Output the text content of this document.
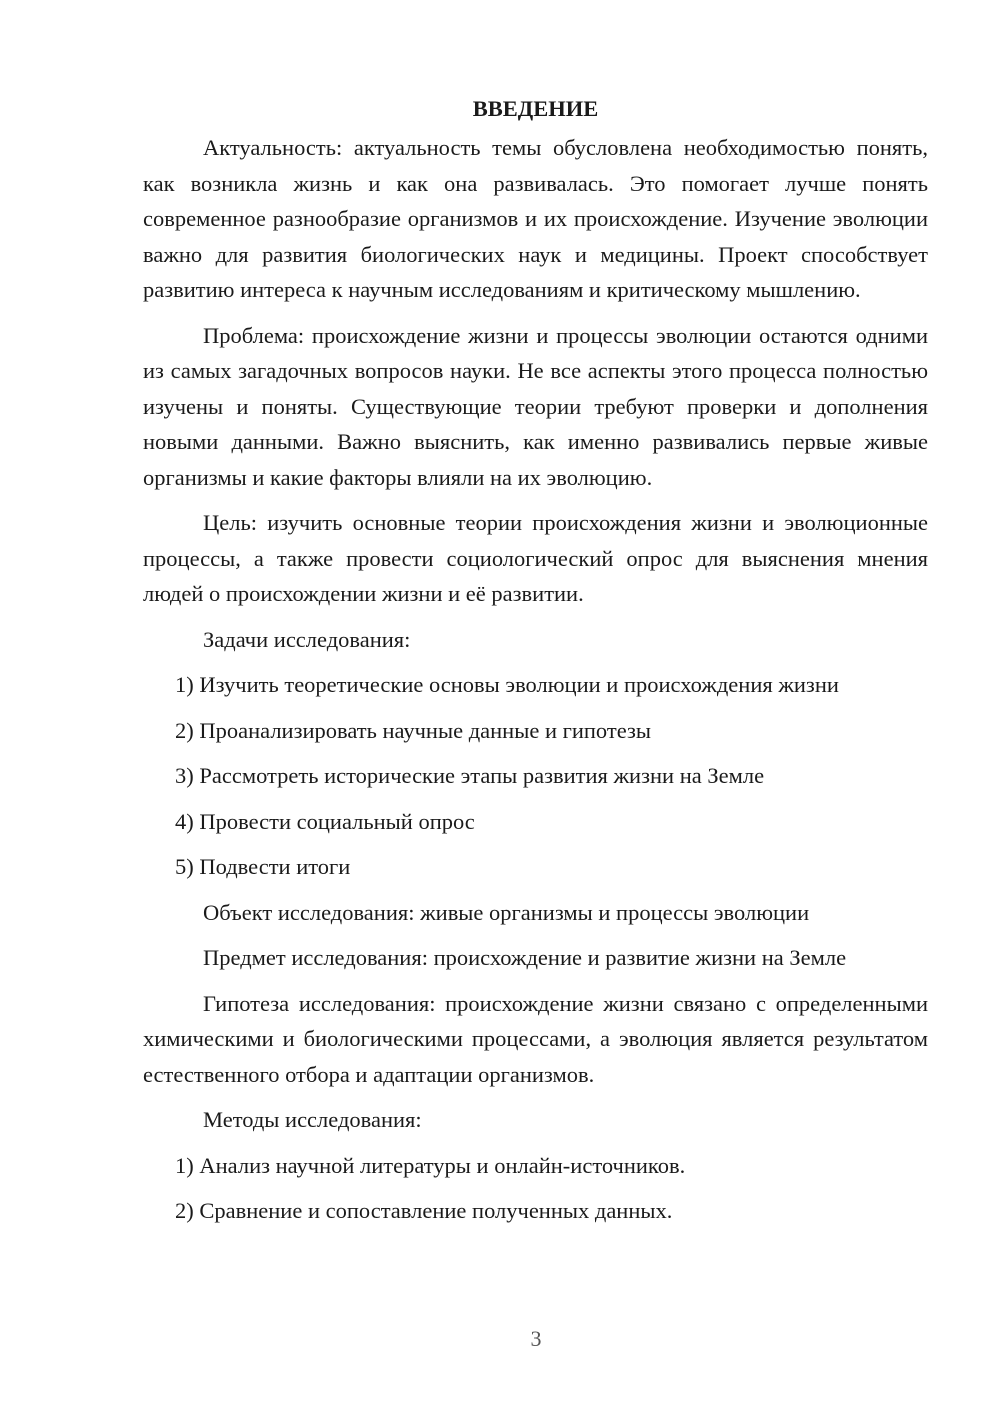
ВВЕДЕНИЕ

Актуальность: актуальность темы обусловлена необходимостью понять, как возникла жизнь и как она развивалась. Это помогает лучше понять современное разнообразие организмов и их происхождение. Изучение эволюции важно для развития биологических наук и медицины. Проект способствует развитию интереса к научным исследованиям и критическому мышлению.

Проблема: происхождение жизни и процессы эволюции остаются одними из самых загадочных вопросов науки. Не все аспекты этого процесса полностью изучены и поняты. Существующие теории требуют проверки и дополнения новыми данными. Важно выяснить, как именно развивались первые живые организмы и какие факторы влияли на их эволюцию.

Цель: изучить основные теории происхождения жизни и эволюционные процессы, а также провести социологический опрос для выяснения мнения людей о происхождении жизни и её развитии.

Задачи исследования:

1) Изучить теоретические основы эволюции и происхождения жизни

2) Проанализировать научные данные и гипотезы

3) Рассмотреть исторические этапы развития жизни на Земле

4) Провести социальный опрос

5) Подвести итоги

Объект исследования: живые организмы и процессы эволюции

Предмет исследования: происхождение и развитие жизни на Земле

Гипотеза исследования: происхождение жизни связано с определенными химическими и биологическими процессами, а эволюция является результатом естественного отбора и адаптации организмов.

Методы исследования:

1) Анализ научной литературы и онлайн-источников.

2) Сравнение и сопоставление полученных данных.

3
